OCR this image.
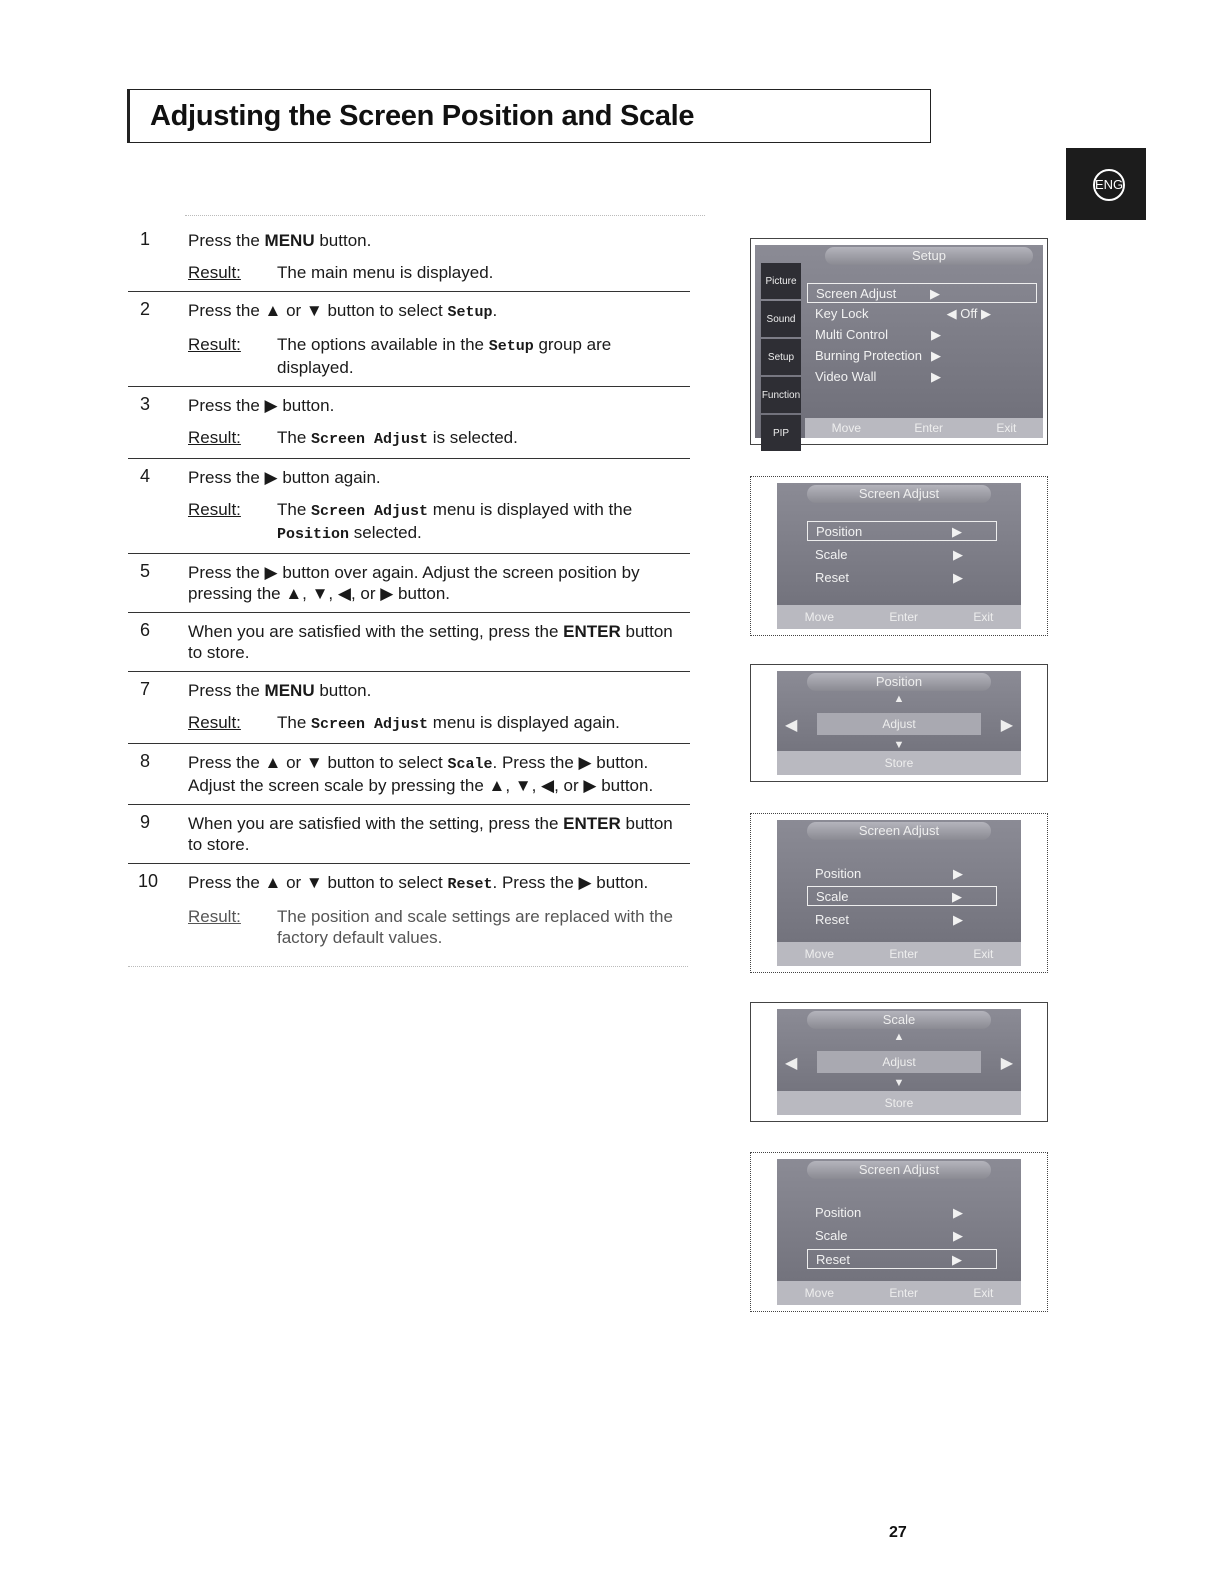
Adjusting the Screen Position and Scale
ENG
1 Press the MENU button.
Result:	The main menu is displayed.
2 Press the ▲ or ▼ button to select Setup.
Result:	The options available in the Setup group are displayed.
3 Press the ▶ button.
Result:	The Screen Adjust is selected.
4 Press the ▶ button again.
Result:	The Screen Adjust menu is displayed with the Position selected.
5 Press the ▶ button over again. Adjust the screen position by pressing the ▲, ▼, ◀, or ▶ button.
6 When you are satisfied with the setting, press the ENTER button to store.
7 Press the MENU button.
Result:	The Screen Adjust menu is displayed again.
8 Press the ▲ or ▼ button to select Scale. Press the ▶ button. Adjust the screen scale by pressing the ▲, ▼, ◀, or ▶ button.
9 When you are satisfied with the setting, press the ENTER button to store.
10 Press the ▲ or ▼ button to select Reset. Press the ▶ button.
Result:	The position and scale settings are replaced with the factory default values.
Setup
Picture
Sound
Setup
Function
PIP
Screen Adjust	▶
Key Lock	◀ Off ▶
Multi Control	▶
Burning Protection ▶
Video Wall	▶
Move	Enter	Exit
Screen Adjust
Position	▶
Scale	▶
Reset	▶
Move	Enter	Exit
Position
▲
◀	Adjust	▶
▼
Store
Screen Adjust
Position	▶
Scale	▶
Reset	▶
Move	Enter	Exit
Scale
▲
◀	Adjust	▶
▼
Store
Screen Adjust
Position	▶
Scale	▶
Reset	▶
Move	Enter	Exit
27
